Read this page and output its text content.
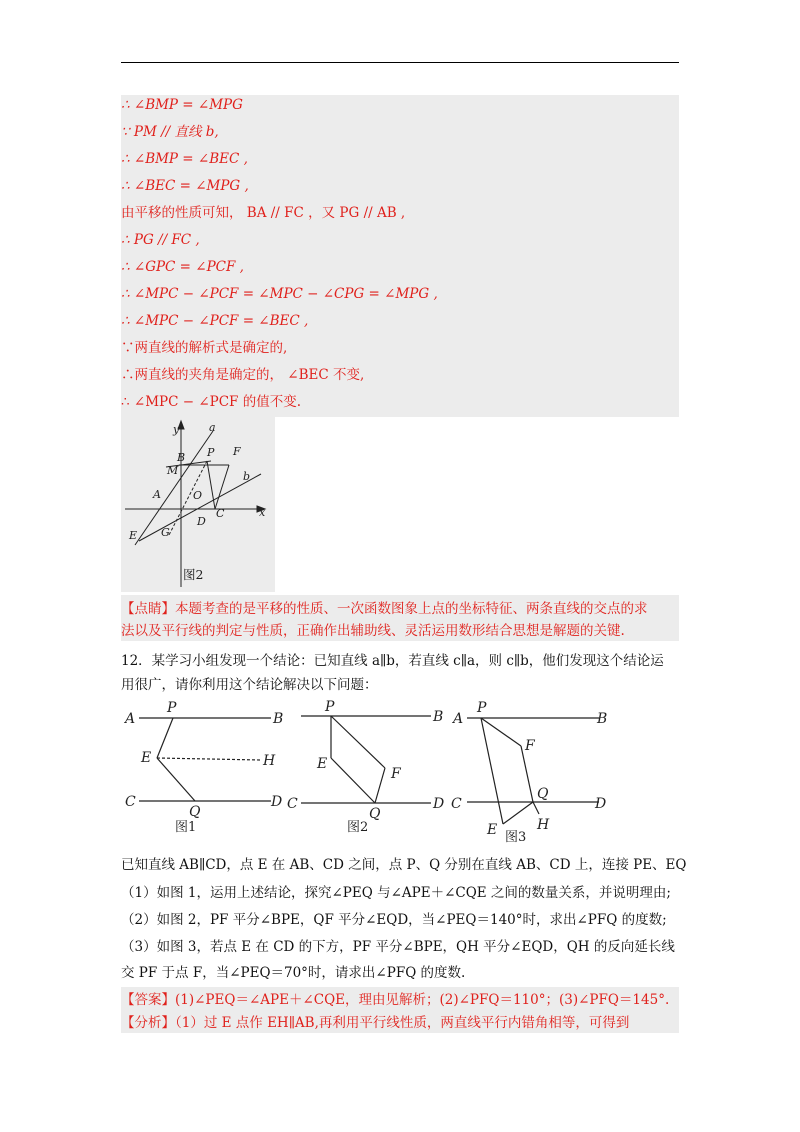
∴ ∠BMP = ∠MPG
∵ PM // 直线 b,
∴ ∠BMP = ∠BEC ,
∴ ∠BEC = ∠MPG ,
由平移的性质可知， BA // FC ，又 PG // AB ,
∴ PG // FC ,
∴ ∠GPC = ∠PCF ,
∴ ∠MPC − ∠PCF = ∠MPC − ∠CPG = ∠MPG ,
∴ ∠MPC − ∠PCF = ∠BEC ,
∵两直线的解析式是确定的,
∴两直线的夹角是确定的， ∠BEC 不变,
∴ ∠MPC − ∠PCF 的值不变.
y	a
P F
B
M	b
A	O
C	x
D
E G
图2
【点睛】本题考查的是平移的性质、一次函数图象上点的坐标特征、两条直线的交点的求
法以及平行线的判定与性质，正确作出辅助线、灵活运用数形结合思想是解题的关键.
12．某学习小组发现一个结论：已知直线 a∥b，若直线 c∥a，则 c∥b，他们发现这个结论运
用很广，请你利用这个结论解决以下问题：
A
P
B
E	H
C
Q
D
P
B
E
F
C
Q
D
A
P
B
F
C
Q
D
E	H
图1	图2
图3
已知直线 AB∥CD，点 E 在 AB、CD 之间，点 P、Q 分别在直线 AB、CD 上，连接 PE、EQ
（1）如图 1，运用上述结论，探究∠PEQ 与∠APE＋∠CQE 之间的数量关系，并说明理由;
（2）如图 2，PF 平分∠BPE，QF 平分∠EQD，当∠PEQ＝140°时，求出∠PFQ 的度数;
（3）如图 3，若点 E 在 CD 的下方，PF 平分∠BPE，QH 平分∠EQD，QH 的反向延长线
交 PF 于点 F，当∠PEQ＝70°时，请求出∠PFQ 的度数.
【答案】(1)∠PEQ＝∠APE＋∠CQE，理由见解析；(2)∠PFQ＝110°；(3)∠PFQ＝145°.
【分析】（1）过 E 点作 EH∥AB,再利用平行线性质，两直线平行内错角相等，可得到
